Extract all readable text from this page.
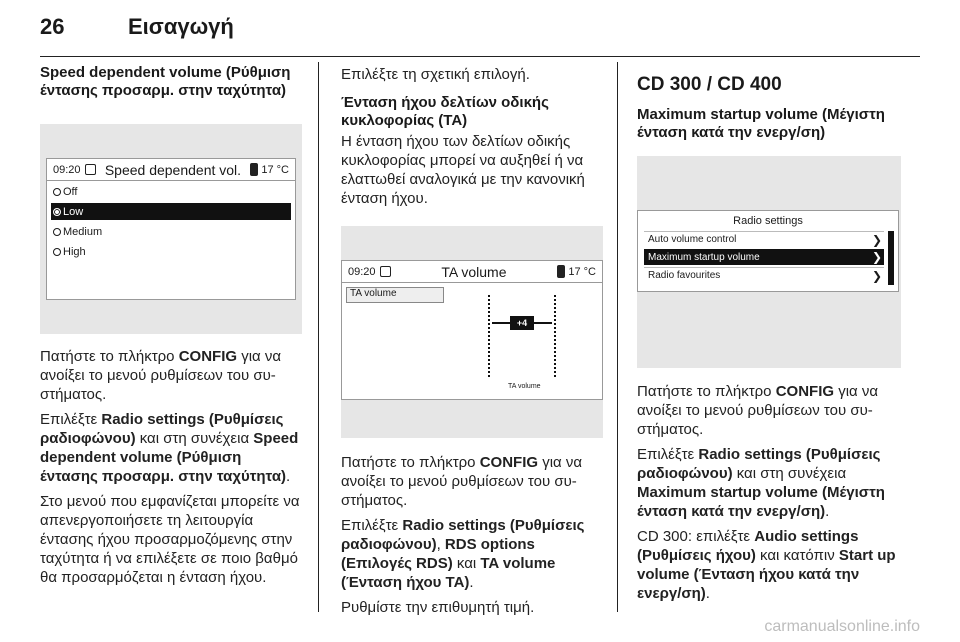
26	Εισαγωγή
Speed dependent volume (Ρύθμιση έντασης προσαρμ. στην ταχύτητα)
09:20	Speed dependent vol.	17 °C
Off
Low
Medium
High

Πατήστε το πλήκτρο CONFIG για να ανοίξει το μενού ρυθμίσεων του συ‐ στήματος.

Επιλέξτε Radio settings (Ρυθμίσεις ραδιοφώνου) και στη συνέχεια Speed dependent volume (Ρύθμιση έντασης προσαρμ. στην ταχύτητα).

Στο μενού που εμφανίζεται μπορείτε να απενεργοποιήσετε τη λειτουργία έντασης ήχου προσαρμοζόμενης στην ταχύτητα ή να επιλέξετε σε ποιο βαθμό θα προσαρμόζεται η ένταση ήχου.

Επιλέξτε τη σχετική επιλογή.

Ένταση ήχου δελτίων οδικής κυκλοφορίας (TA)

Η ένταση ήχου των δελτίων οδικής κυκλοφορίας μπορεί να αυξηθεί ή να ελαττωθεί αναλογικά με την κανονική ένταση ήχου.

09:20	TA volume	17 °C
TA volume
+4
TA volume

Πατήστε το πλήκτρο CONFIG για να ανοίξει το μενού ρυθμίσεων του συ‐ στήματος.

Επιλέξτε Radio settings (Ρυθμίσεις ραδιοφώνου), RDS options (Επιλογές RDS) και TA volume (Ένταση ήχου TA).

Ρυθμίστε την επιθυμητή τιμή.

CD 300 / CD 400
Maximum startup volume (Μέγιστη ένταση κατά την ενεργ/ση)
Radio settings
Auto volume control	❯
Maximum startup volume	❯
Radio favourites	❯

Πατήστε το πλήκτρο CONFIG για να ανοίξει το μενού ρυθμίσεων του συ‐ στήματος.

Επιλέξτε Radio settings (Ρυθμίσεις ραδιοφώνου) και στη συνέχεια Maximum startup volume (Μέγιστη ένταση κατά την ενεργ/ση).

CD 300: επιλέξτε Audio settings (Ρυθμίσεις ήχου) και κατόπιν Start up volume (Ένταση ήχου κατά την ενεργ/ση).

carmanualsonline.info
